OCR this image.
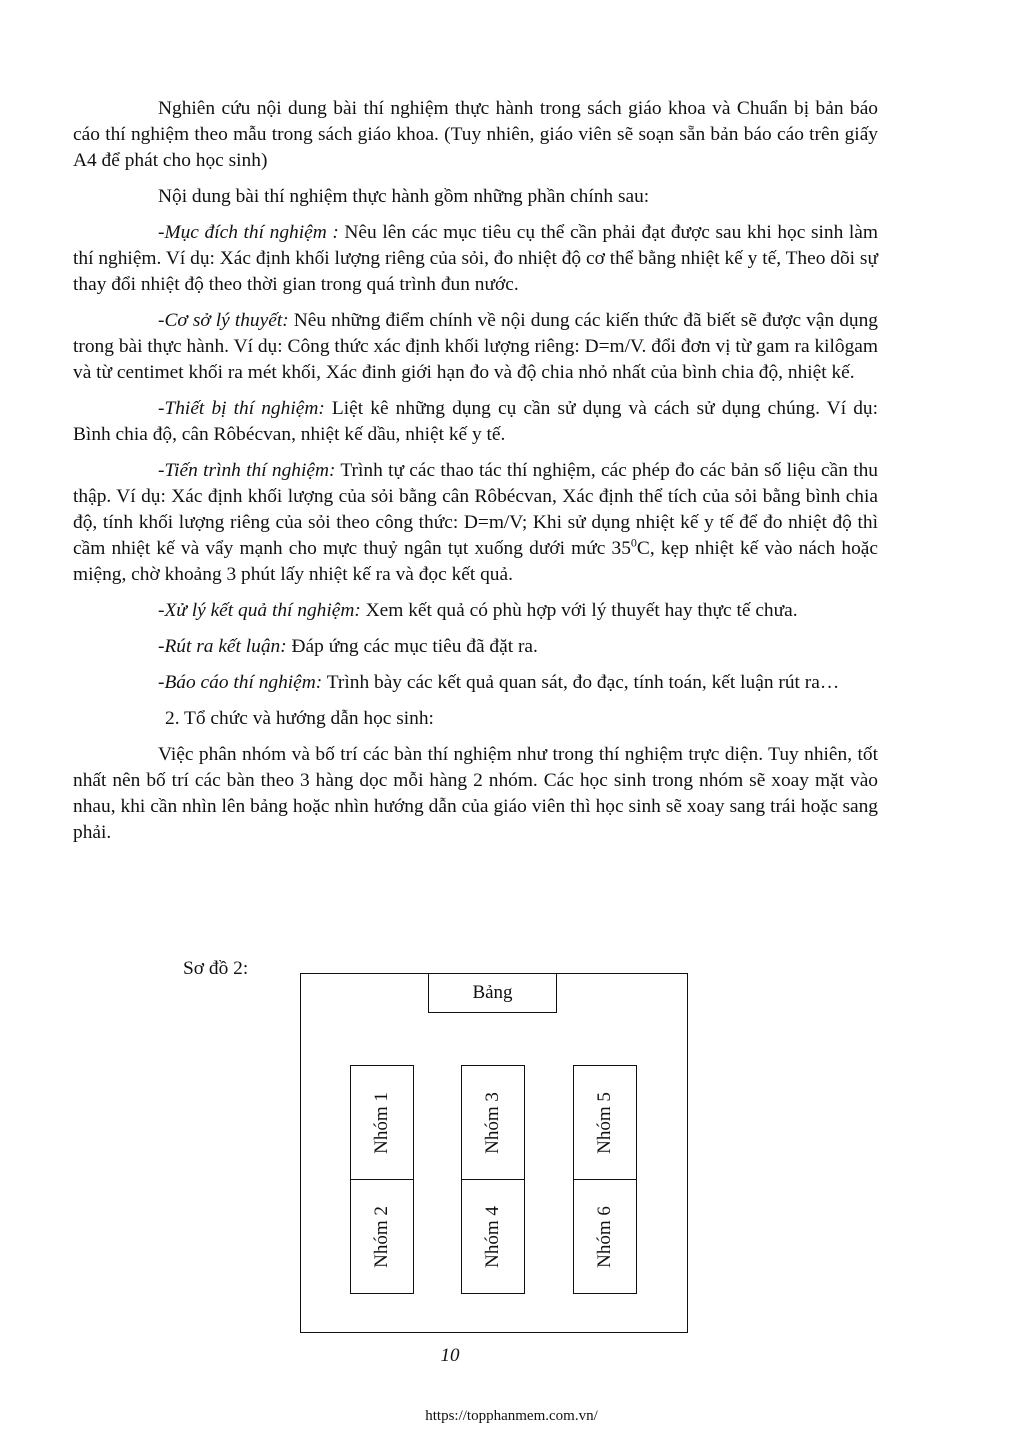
Nghiên cứu nội dung bài thí nghiệm thực hành trong sách giáo khoa và Chuẩn bị bản báo cáo thí nghiệm theo mẫu trong sách giáo khoa. (Tuy nhiên, giáo viên sẽ soạn sẵn bản báo cáo trên giấy A4 để phát cho học sinh)

Nội dung bài thí nghiệm thực hành gồm những phần chính sau:

-Mục đích thí nghiệm : Nêu lên các mục tiêu cụ thể cần phải đạt được sau khi học sinh làm thí nghiệm. Ví dụ: Xác định khối lượng riêng của sỏi, đo nhiệt độ cơ thể bằng nhiệt kế y tế, Theo dõi sự thay đổi nhiệt độ theo thời gian trong quá trình đun nước.

-Cơ sở lý thuyết: Nêu những điểm chính về nội dung các kiến thức đã biết sẽ được vận dụng trong bài thực hành. Ví dụ: Công thức xác định khối lượng riêng: D=m/V. đổi đơn vị từ gam ra kilôgam và từ centimet khối ra mét khối, Xác đinh giới hạn đo và độ chia nhỏ nhất của bình chia độ, nhiệt kế.

-Thiết bị thí nghiệm: Liệt kê những dụng cụ cần sử dụng và cách sử dụng chúng. Ví dụ: Bình chia độ, cân Rôbécvan, nhiệt kế dầu, nhiệt kế y tế.

-Tiến trình thí nghiệm: Trình tự các thao tác thí nghiệm, các phép đo các bản số liệu cần thu thập. Ví dụ: Xác định khối lượng của sỏi bằng cân Rôbécvan, Xác định thể tích của sỏi bằng bình chia độ, tính khối lượng riêng của sỏi theo công thức: D=m/V; Khi sử dụng nhiệt kế y tế để đo nhiệt độ thì cầm nhiệt kế và vẩy mạnh cho mực thuỷ ngân tụt xuống dưới mức $35^0C$, kẹp nhiệt kế vào nách hoặc miệng, chờ khoảng 3 phút lấy nhiệt kế ra và đọc kết quả.

-Xử lý kết quả thí nghiệm: Xem kết quả có phù hợp với lý thuyết hay thực tế chưa.

-Rút ra kết luận: Đáp ứng các mục tiêu đã đặt ra.

-Báo cáo thí nghiệm: Trình bày các kết quả quan sát, đo đạc, tính toán, kết luận rút ra…

2. Tổ chức và hướng dẫn học sinh:

Việc phân nhóm và bố trí các bàn thí nghiệm như trong thí nghiệm trực diện. Tuy nhiên, tốt nhất nên bố trí các bàn theo 3 hàng dọc mỗi hàng 2 nhóm. Các học sinh trong nhóm sẽ xoay mặt vào nhau, khi cần nhìn lên bảng hoặc nhìn hướng dẫn của giáo viên thì học sinh sẽ xoay sang trái hoặc sang phải.

Sơ đồ 2:
Bảng
Nhóm 1
Nhóm 2
Nhóm 3
Nhóm 4
Nhóm 5
Nhóm 6
10
https://topphanmem.com.vn/
